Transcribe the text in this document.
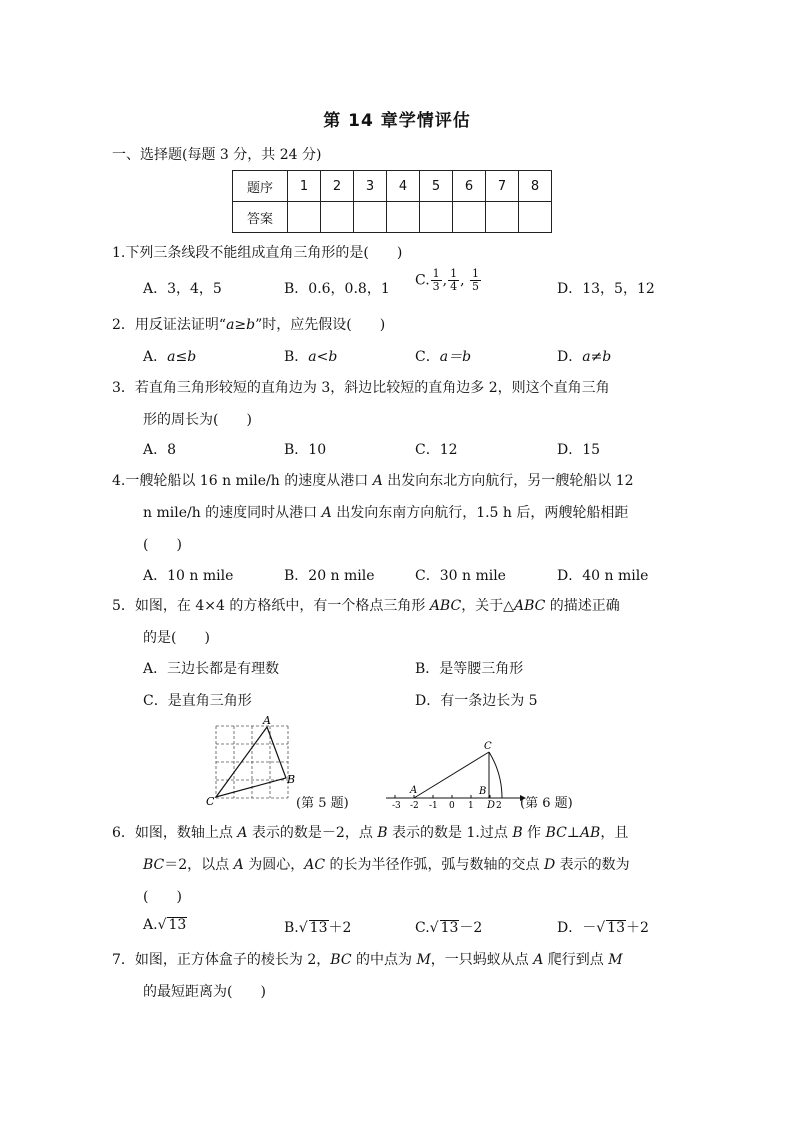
第 14 章学情评估
一、选择题(每题 3 分，共 24 分)
题序	1	2	3	4	5	6	7	8
答案								
1.下列三条线段不能组成直角三角形的是(　　)
A．3，4，5	B．0.6，0.8，1
C. $\frac{1}{3}$ , $\frac{1}{4}$ , $\frac{1}{5}$	D．13，5，12
2．用反证法证明“a≥b”时，应先假设(　　)
A．a≤b	B．a<b	C．a＝b	D．a≠b
3．若直角三角形较短的直角边为 3，斜边比较短的直角边多 2，则这个直角三角
形的周长为(　　)
A．8	B．10	C．12	D．15
4.一艘轮船以 16 n mile/h 的速度从港口 A 出发向东北方向航行，另一艘轮船以 12
n mile/h 的速度同时从港口 A 出发向东南方向航行，1.5 h 后，两艘轮船相距
(　　)
A．10 n mile	B．20 n mile	C．30 n mile	D．40 n mile
5．如图，在 4×4 的方格纸中，有一个格点三角形 ABC，关于△ABC 的描述正确
的是(　　)
A．三边长都是有理数	B．是等腰三角形
C．是直角三角形	D．有一条边长为 5
A
B
C	(第 5 题)	-3 -2 -1 0 1 2
A	B
C
D (第 6 题)
6．如图，数轴上点 A 表示的数是－2，点 B 表示的数是 1.过点 B 作 BC⊥AB，且
BC＝2，以点 A 为圆心，AC 的长为半径作弧，弧与数轴的交点 D 表示的数为
(　　)
A.√ 13	B.√ 13＋2	C.√ 13－2	D．－√ 13＋2
7．如图，正方体盒子的棱长为 2，BC 的中点为 M，一只蚂蚁从点 A 爬行到点 M
的最短距离为(　　)
